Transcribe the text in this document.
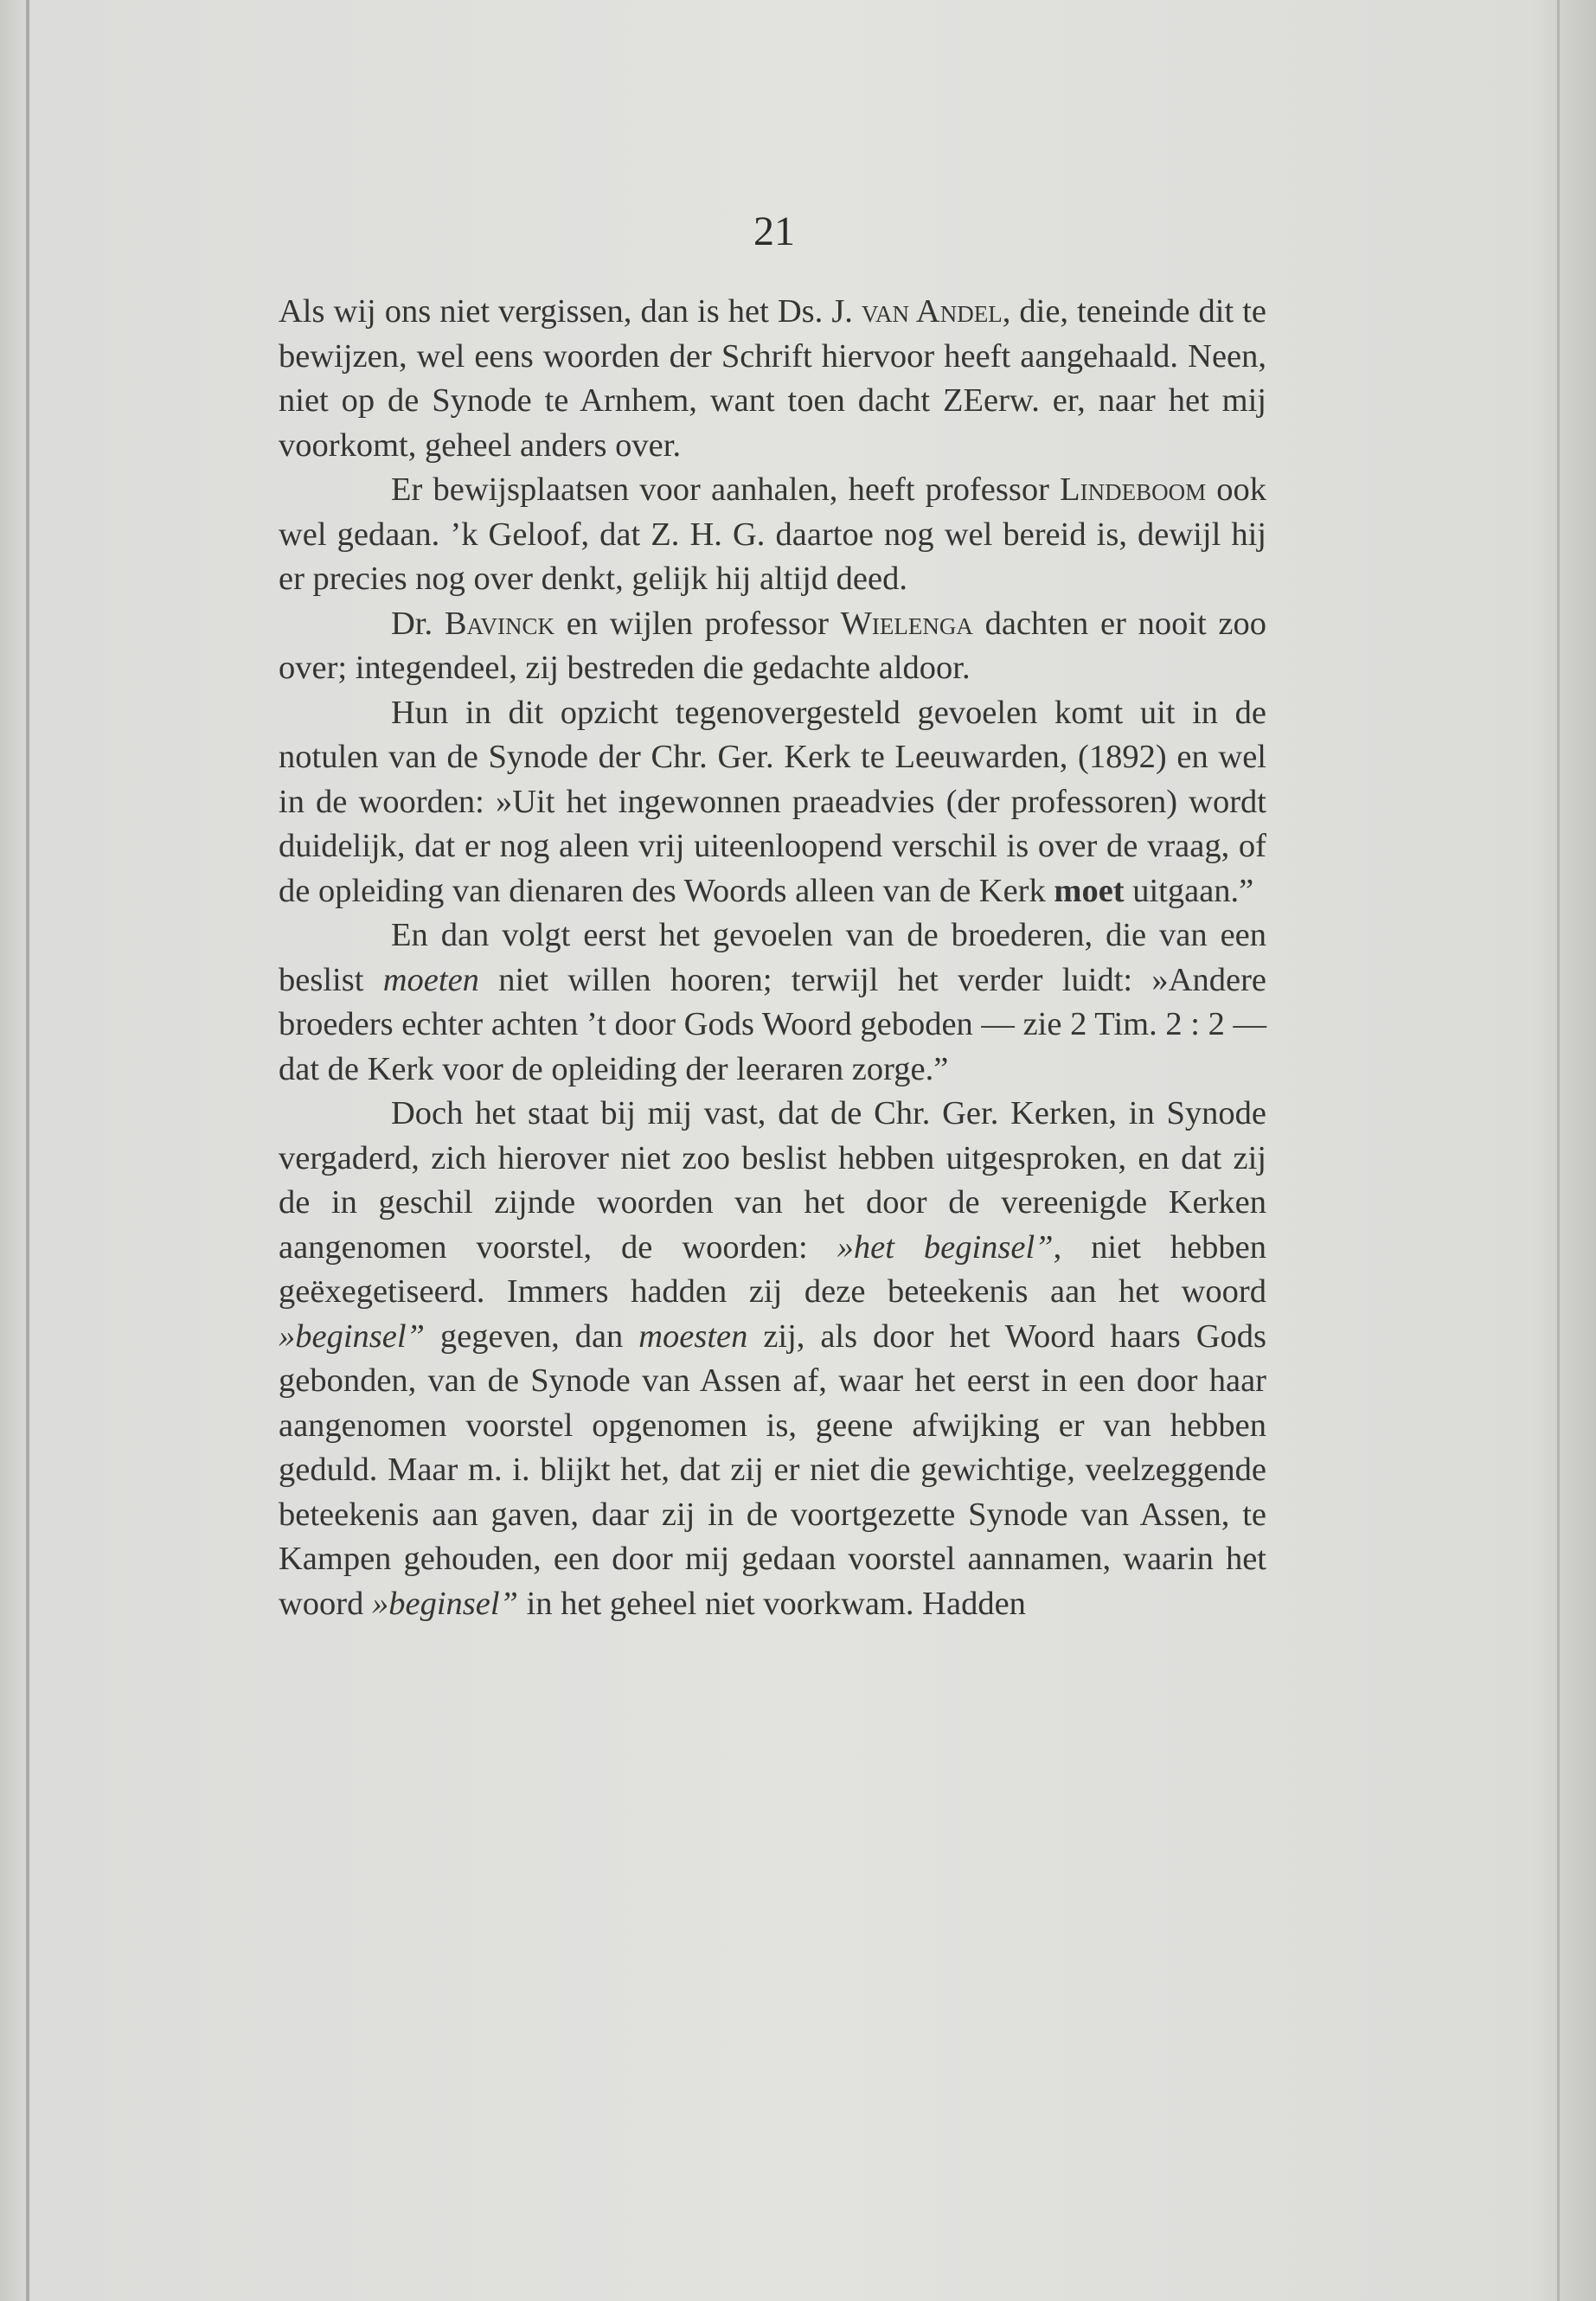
21

Als wij ons niet vergissen, dan is het Ds. J. van Andel, die, teneinde dit te bewijzen, wel eens woorden der Schrift hiervoor heeft aangehaald. Neen, niet op de Synode te Arnhem, want toen dacht ZEerw. er, naar het mij voorkomt, geheel anders over.

Er bewijsplaatsen voor aanhalen, heeft professor Lindeboom ook wel gedaan. ’k Geloof, dat Z. H. G. daartoe nog wel bereid is, dewijl hij er precies nog over denkt, gelijk hij altijd deed.

Dr. Bavinck en wijlen professor Wielenga dachten er nooit zoo over; integendeel, zij bestreden die gedachte aldoor.

Hun in dit opzicht tegenovergesteld gevoelen komt uit in de notulen van de Synode der Chr. Ger. Kerk te Leeuwarden, (1892) en wel in de woorden: »Uit het ingewonnen praeadvies (der professoren) wordt duidelijk, dat er nog aleen vrij uiteenloopend verschil is over de vraag, of de opleiding van dienaren des Woords alleen van de Kerk moet uitgaan.”

En dan volgt eerst het gevoelen van de broederen, die van een beslist moeten niet willen hooren; terwijl het verder luidt: »Andere broeders echter achten ’t door Gods Woord geboden — zie 2 Tim. 2 : 2 — dat de Kerk voor de opleiding der leeraren zorge.”

Doch het staat bij mij vast, dat de Chr. Ger. Kerken, in Synode vergaderd, zich hierover niet zoo beslist hebben uitgesproken, en dat zij de in geschil zijnde woorden van het door de vereenigde Kerken aangenomen voorstel, de woorden: »het beginsel”, niet hebben geëxegetiseerd. Immers hadden zij deze beteekenis aan het woord »beginsel” gegeven, dan moesten zij, als door het Woord haars Gods gebonden, van de Synode van Assen af, waar het eerst in een door haar aangenomen voorstel opgenomen is, geene afwijking er van hebben geduld. Maar m. i. blijkt het, dat zij er niet die gewichtige, veelzeggende beteekenis aan gaven, daar zij in de voortgezette Synode van Assen, te Kampen gehouden, een door mij gedaan voorstel aannamen, waarin het woord »beginsel” in het geheel niet voorkwam. Hadden
